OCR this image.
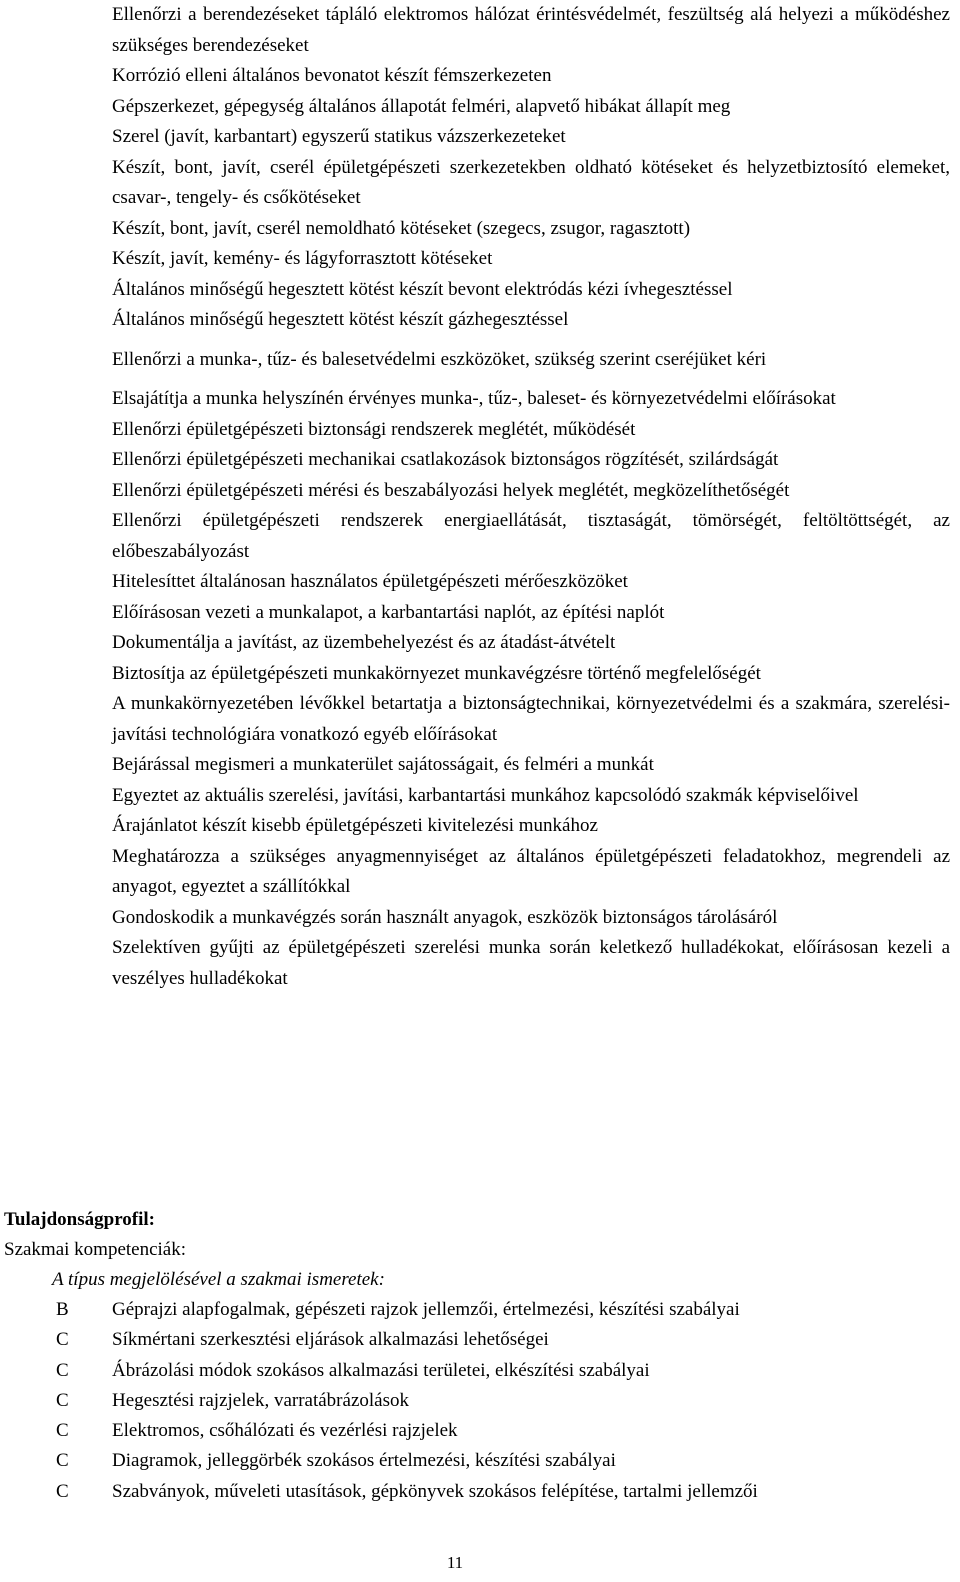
Ellenőrzi a berendezéseket tápláló elektromos hálózat érintésvédelmét, feszültség alá helyezi a működéshez szükséges berendezéseket

Korrózió elleni általános bevonatot készít fémszerkezeten

Gépszerkezet, gépegység általános állapotát felméri, alapvető hibákat állapít meg

Szerel (javít, karbantart) egyszerű statikus vázszerkezeteket

Készít, bont, javít, cserél épületgépészeti szerkezetekben oldható kötéseket és helyzetbiztosító elemeket, csavar-, tengely- és csőkötéseket

Készít, bont, javít, cserél nemoldható kötéseket (szegecs, zsugor, ragasztott)

Készít, javít, kemény- és lágyforrasztott kötéseket

Általános minőségű hegesztett kötést készít bevont elektródás kézi ívhegesztéssel

Általános minőségű hegesztett kötést készít gázhegesztéssel

Ellenőrzi a munka-, tűz- és balesetvédelmi eszközöket, szükség szerint cseréjüket kéri

Elsajátítja a munka helyszínén érvényes munka-, tűz-, baleset- és környezetvédelmi előírásokat

Ellenőrzi épületgépészeti biztonsági rendszerek meglétét, működését

Ellenőrzi épületgépészeti mechanikai csatlakozások biztonságos rögzítését, szilárdságát

Ellenőrzi épületgépészeti mérési és beszabályozási helyek meglétét, megközelíthetőségét

Ellenőrzi épületgépészeti rendszerek energiaellátását, tisztaságát, tömörségét, feltöltöttségét, az előbeszabályozást

Hitelesíttet általánosan használatos épületgépészeti mérőeszközöket

Előírásosan vezeti a munkalapot, a karbantartási naplót, az építési naplót

Dokumentálja a javítást, az üzembehelyezést és az átadást-átvételt

Biztosítja az épületgépészeti munkakörnyezet munkavégzésre történő megfelelőségét

A munkakörnyezetében lévőkkel betartatja a biztonságtechnikai, környezetvédelmi és a szakmára, szerelési-javítási technológiára vonatkozó egyéb előírásokat

Bejárással megismeri a munkaterület sajátosságait, és felméri a munkát

Egyeztet az aktuális szerelési, javítási, karbantartási munkához kapcsolódó szakmák képviselőivel

Árajánlatot készít kisebb épületgépészeti kivitelezési munkához

Meghatározza a szükséges anyagmennyiséget az általános épületgépészeti feladatokhoz, megrendeli az anyagot, egyeztet a szállítókkal

Gondoskodik a munkavégzés során használt anyagok, eszközök biztonságos tárolásáról

Szelektíven gyűjti az épületgépészeti szerelési munka során keletkező hulladékokat, előírásosan kezeli a veszélyes hulladékokat

Tulajdonságprofil:

Szakmai kompetenciák:

A típus megjelölésével a szakmai ismeretek:

B	Géprajzi alapfogalmak, gépészeti rajzok jellemzői, értelmezési, készítési szabályai
C	Síkmértani szerkesztési eljárások alkalmazási lehetőségei
C	Ábrázolási módok szokásos alkalmazási területei, elkészítési szabályai
C	Hegesztési rajzjelek, varratábrázolások
C	Elektromos, csőhálózati és vezérlési rajzjelek
C	Diagramok, jelleggörbék szokásos értelmezési, készítési szabályai
C	Szabványok, műveleti utasítások, gépkönyvek szokásos felépítése, tartalmi jellemzői
11
